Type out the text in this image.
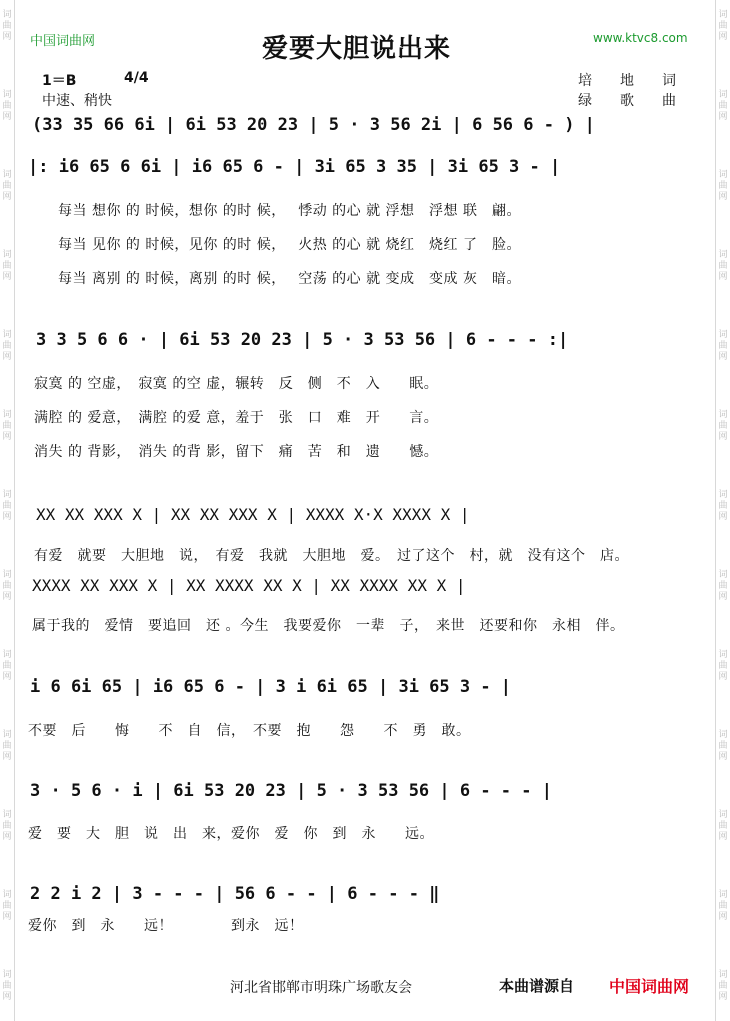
中国词曲网	www.ktvc8.com
爱要大胆说出来
1＝B	4/4
中速、稍快
培　　地　　词
绿　　歌　　曲
(33 35 66 6i | 6i 53 20 23 | 5 · 3 56 2i | 6 56 6 - ) |
|: i6 65 6 6i | i6 65 6 - | 3i 65 3 35 | 3i 65 3 - |
每当 想你 的 时候，想你 的时 候，　 悸动 的心 就 浮想　浮想 联　翩。
每当 见你 的 时候，见你 的时 候，　 火热 的心 就 烧红　烧红 了　脸。
每当 离别 的 时候，离别 的时 候，　 空荡 的心 就 变成　变成 灰　暗。
3 3 5 6 6 · | 6i 53 20 23 | 5 · 3 53 56 | 6 - - - :|
寂寞 的 空虚，　寂寞 的空 虚，辗转　反　侧　不　入　　眠。
满腔 的 爱意，　满腔 的爱 意，羞于　张　口　难　开　　言。
消失 的 背影，　消失 的背 影，留下　痛　苦　和　遗　　憾。
XX XX XXX X | XX XX XXX X | XXXX X·X XXXX X |
有爱　就要　大胆地　说，　有爱　我就　大胆地　爱。　过了这个　村，就　没有这个　店。
XXXX XX XXX X | XX XXXX XX X | XX XXXX XX X |
属于我的　爱情　要追回　还 。今生　我要爱你　一辈　子，　来世　还要和你　永相　伴。
i 6 6i 65 | i6 65 6 - | 3 i 6i 65 | 3i 65 3 - |
不要　后　　悔　　不　自　信，　不要　抱　　怨　　不　勇　敢。
3 · 5 6 · i | 6i 53 20 23 | 5 · 3 53 56 | 6 - - - |
爱　要　大　胆　说　出　来，爱你　爱　你　到　永　　远。
2 2 i 2 | 3 - - - | 56 6 - - | 6 - - - ‖
爱你　到　永　　远！　　　　到永　远！
河北省邯郸市明珠广场歌友会	本曲谱源自 中国词曲网
词
曲
网
词
曲
网
词
曲
网
词
曲
网
词
曲
网
词
曲
网
词
曲
网
词
曲
网
词
曲
网
词
曲
网
词
曲
网
词
曲
网
词
曲
网
词
曲
网
词
曲
网
词
曲
网
词
曲
网
词
曲
网
词
曲
网
词
曲
网
词
曲
网
词
曲
网
词
曲
网
词
曲
网
词
曲
网
词
曲
网
